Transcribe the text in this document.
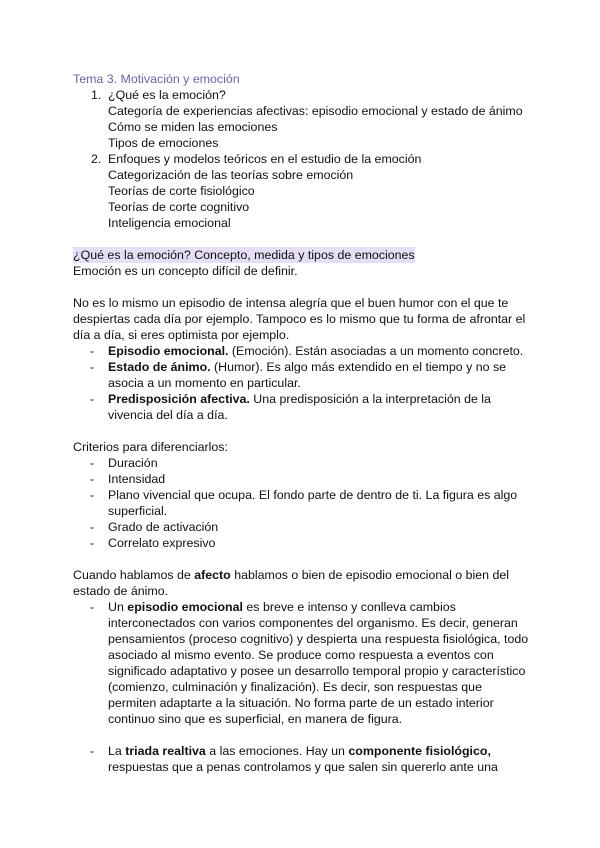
Tema 3. Motivación y emoción
1. ¿Qué es la emoción?
Categoría de experiencias afectivas: episodio emocional y estado de ánimo
Cómo se miden las emociones
Tipos de emociones
2. Enfoques y modelos teóricos en el estudio de la emoción
Categorización de las teorías sobre emoción
Teorías de corte fisiológico
Teorías de corte cognitivo
Inteligencia emocional
¿Qué es la emoción? Concepto, medida y tipos de emociones

Emoción es un concepto difícil de definir.

No es lo mismo un episodio de intensa alegría que el buen humor con el que te despiertas cada día por ejemplo. Tampoco es lo mismo que tu forma de afrontar el día a día, si eres optimista por ejemplo.

- Episodio emocional. (Emoción). Están asociadas a un momento concreto.
- Estado de ánimo. (Humor). Es algo más extendido en el tiempo y no se asocia a un momento en particular.
- Predisposición afectiva. Una predisposición a la interpretación de la vivencia del día a día.

Criterios para diferenciarlos:

- Duración
- Intensidad
- Plano vivencial que ocupa. El fondo parte de dentro de ti. La figura es algo superficial.
- Grado de activación
- Correlato expresivo

Cuando hablamos de afecto hablamos o bien de episodio emocional o bien del estado de ánimo.

- Un episodio emocional es breve e intenso y conlleva cambios interconectados con varios componentes del organismo. Es decir, generan pensamientos (proceso cognitivo) y despierta una respuesta fisiológica, todo asociado al mismo evento. Se produce como respuesta a eventos con significado adaptativo y posee un desarrollo temporal propio y característico (comienzo, culminación y finalización). Es decir, son respuestas que permiten adaptarte a la situación. No forma parte de un estado interior continuo sino que es superficial, en manera de figura.
- La triada realtiva a las emociones. Hay un componente fisiológico, respuestas que a penas controlamos y que salen sin quererlo ante una
